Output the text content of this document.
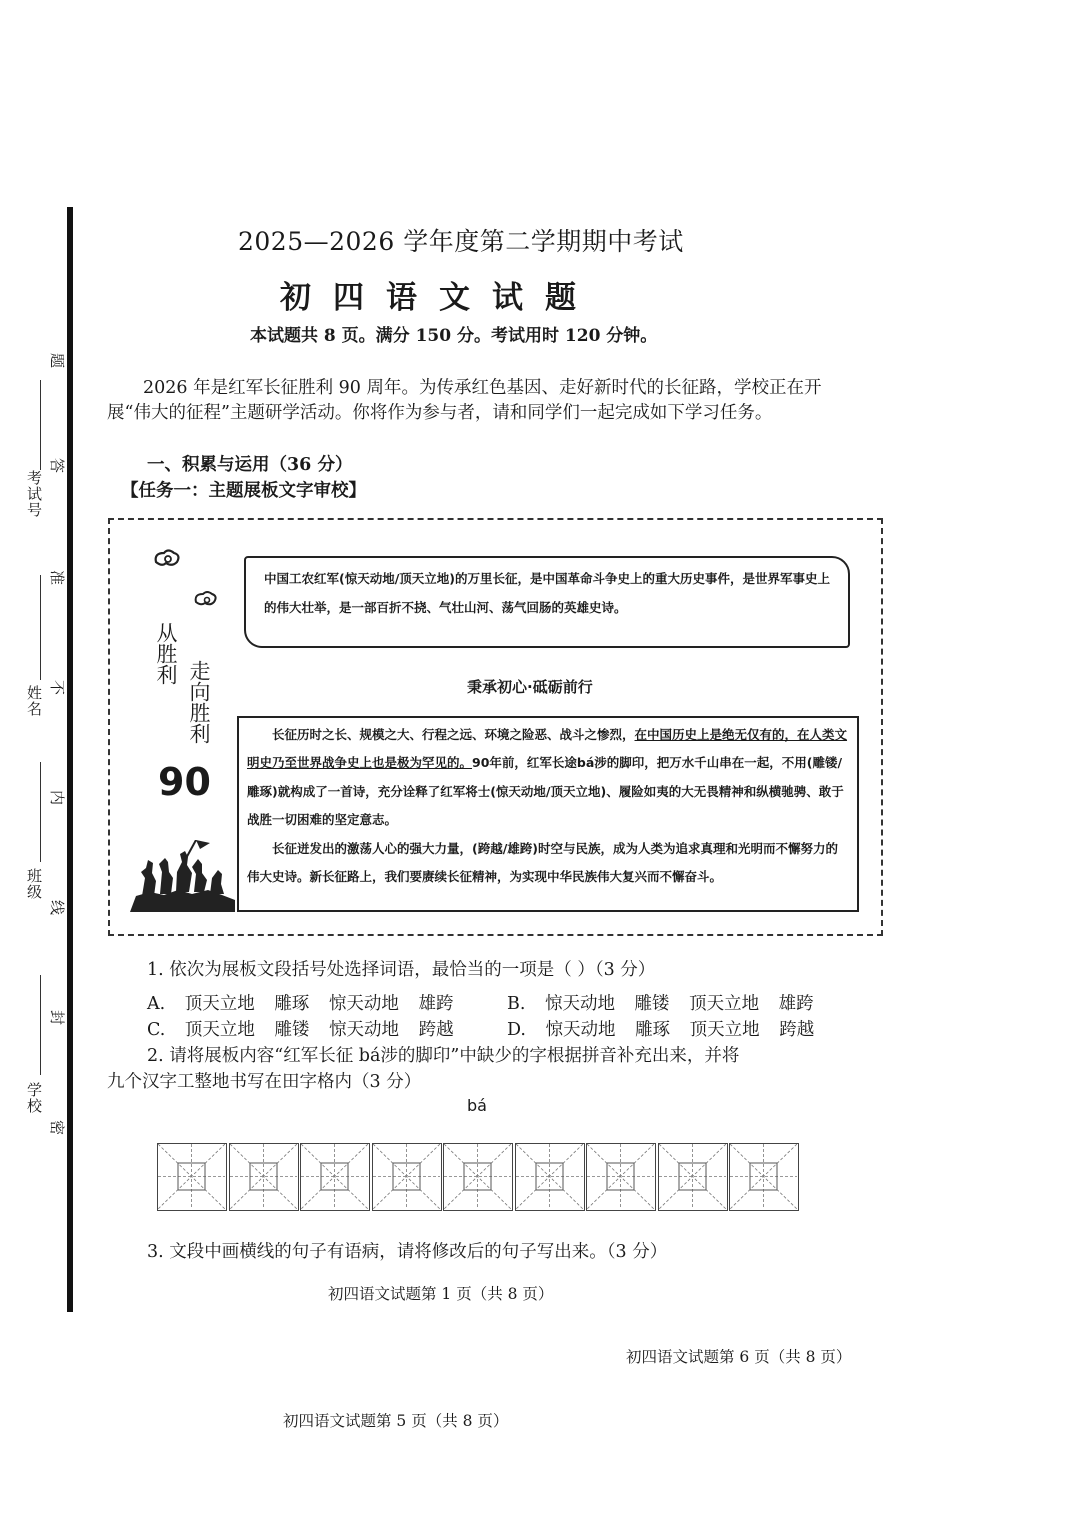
考试号
姓名
班级
学校
题
答
准
不
内
线
封
密
2025—2026 学年度第二学期期中考试
初四语文试题
本试题共 8 页。满分 150 分。考试用时 120 分钟。
2026 年是红军长征胜利 90 周年。为传承红色基因、走好新时代的长征路，学校正在开展“伟大的征程”主题研学活动。你将作为参与者，请和同学们一起完成如下学习任务。
一、积累与运用（36 分）
【任务一：主题展板文字审校】
从胜利
走向胜利
90
中国工农红军(惊天动地/顶天立地)的万里长征，是中国革命斗争史上的重大历史事件，是世界军事史上的伟大壮举，是一部百折不挠、气壮山河、荡气回肠的英雄史诗。
秉承初心·砥砺前行

长征历时之长、规模之大、行程之远、环境之险恶、战斗之惨烈，在中国历史上是绝无仅有的，在人类文明史乃至世界战争史上也是极为罕见的。90年前，红军长途bá涉的脚印，把万水千山串在一起，不用(雕镂/雕琢)就构成了一首诗，充分诠释了红军将士(惊天动地/顶天立地)、履险如夷的大无畏精神和纵横驰骋、敢于战胜一切困难的坚定意志。

长征迸发出的激荡人心的强大力量，(跨越/雄跨)时空与民族，成为人类为追求真理和光明而不懈努力的伟大史诗。新长征路上，我们要赓续长征精神，为实现中华民族伟大复兴而不懈奋斗。

1. 依次为展板文段括号处选择词语，最恰当的一项是（ ）（3 分）
A. 顶天立地 雕琢 惊天动地 雄跨	B. 惊天动地 雕镂 顶天立地 雄跨
C. 顶天立地 雕镂 惊天动地 跨越	D. 惊天动地 雕琢 顶天立地 跨越
2. 请将展板内容“红军长征 bá涉的脚印”中缺少的字根据拼音补充出来，并将
九个汉字工整地书写在田字格内（3 分）
bá
3. 文段中画横线的句子有语病，请将修改后的句子写出来。（3 分）
初四语文试题第 1 页（共 8 页）
初四语文试题第 6 页（共 8 页）
初四语文试题第 5 页（共 8 页）
